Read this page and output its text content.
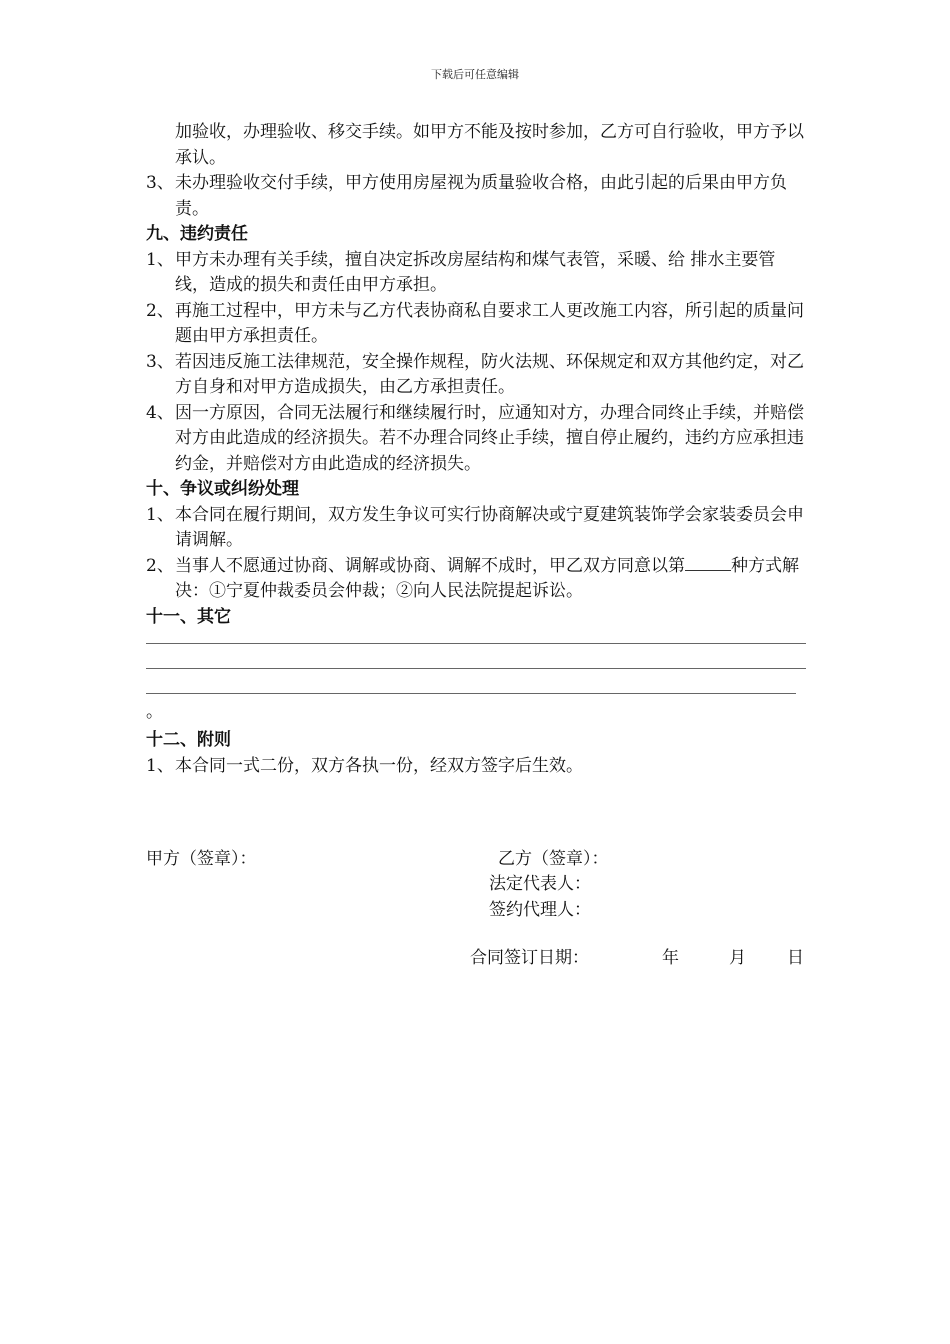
下载后可任意编辑
加验收，办理验收、移交手续。如甲方不能及按时参加，乙方可自行验收，甲方予以承认。
3、 未办理验收交付手续，甲方使用房屋视为质量验收合格，由此引起的后果由甲方负责。
九、违约责任
1、 甲方未办理有关手续，擅自决定拆改房屋结构和煤气表管，采暖、给 排水主要管线，造成的损失和责任由甲方承担。
2、 再施工过程中，甲方未与乙方代表协商私自要求工人更改施工内容，所引起的质量问题由甲方承担责任。
3、 若因违反施工法律规范，安全操作规程，防火法规、环保规定和双方其他约定，对乙方自身和对甲方造成损失，由乙方承担责任。
4、 因一方原因，合同无法履行和继续履行时，应通知对方，办理合同终止手续，并赔偿对方由此造成的经济损失。若不办理合同终止手续，擅自停止履约，违约方应承担违约金，并赔偿对方由此造成的经济损失。
十、争议或纠纷处理
1、 本合同在履行期间，双方发生争议可实行协商解决或宁夏建筑装饰学会家装委员会申请调解。
2、 当事人不愿通过协商、调解或协商、调解不成时，甲乙双方同意以第	种方式解决：①宁夏仲裁委员会仲裁；②向人民法院提起诉讼。
十一、其它
。
十二、附则
1、 本合同一式二份，双方各执一份，经双方签字后生效。
甲方（签章）：	乙方（签章）：
法定代表人：
签约代理人：
合同签订日期：	年	月 日
